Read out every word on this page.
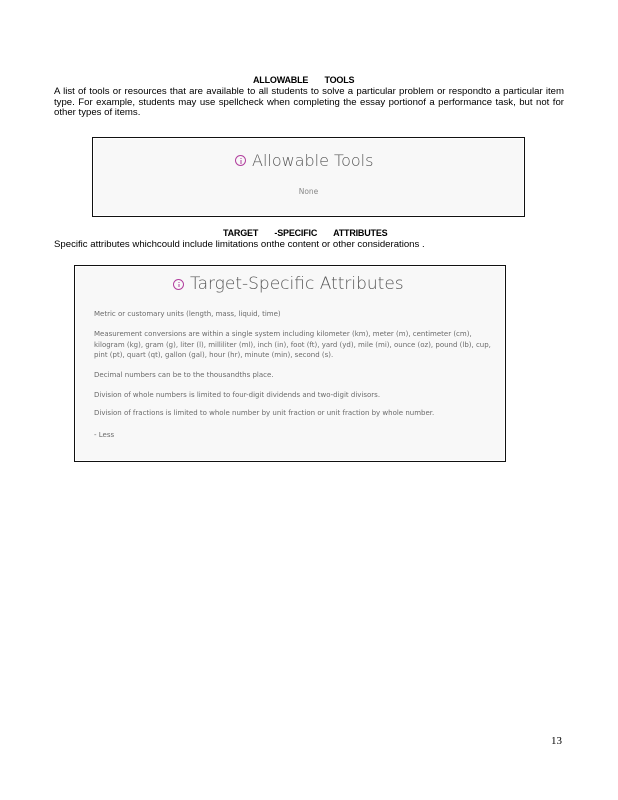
ALLOWABLE TOOLS

A list of tools or resources that are available to all students to solve a particular problem or respondto a particular item type. For example, students may use spellcheck when completing the essay portionof a performance task, but not for other types of items.

Allowable Tools
None
TARGET -SPECIFIC ATTRIBUTES

Specific attributes whichcould include limitations onthe content or other considerations .

Target-Specific Attributes

Metric or customary units (length, mass, liquid, time)

Measurement conversions are within a single system including kilometer (km), meter (m), centimeter (cm), kilogram (kg), gram (g), liter (l), milliliter (ml), inch (in), foot (ft), yard (yd), mile (mi), ounce (oz), pound (lb), cup, pint (pt), quart (qt), gallon (gal), hour (hr), minute (min), second (s).

Decimal numbers can be to the thousandths place.

Division of whole numbers is limited to four-digit dividends and two-digit divisors.

Division of fractions is limited to whole number by unit fraction or unit fraction by whole number.

- Less
13
